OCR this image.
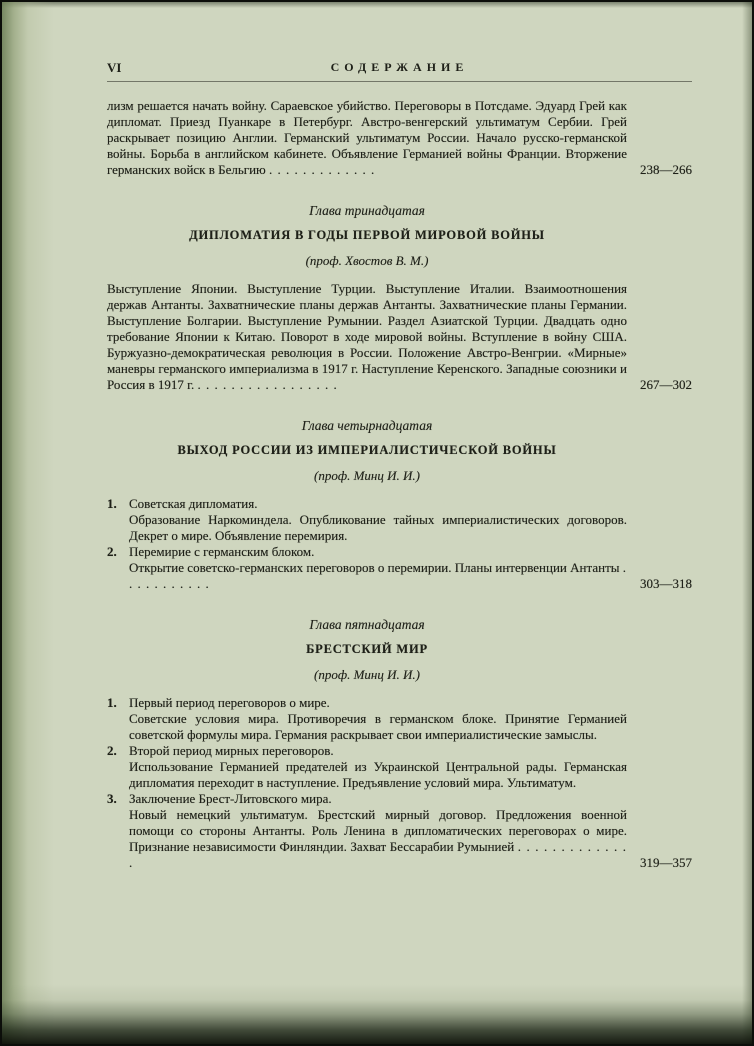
VI	СОДЕРЖАНИЕ

лизм решается начать войну. Сараевское убийство. Переговоры в Потсдаме. Эдуард Грей как дипломат. Приезд Пуанкаре в Петербург. Австро-венгерский ультиматум Сербии. Грей раскрывает позицию Англии. Германский ультиматум России. Начало русско-германской войны. Борьба в английском кабинете. Объявление Германией войны Франции. Вторжение германских войск в Бельгию . . . . . . . . . . . . .	238—266
Глава тринадцатая
ДИПЛОМАТИЯ В ГОДЫ ПЕРВОЙ МИРОВОЙ ВОЙНЫ
(проф. Хвостов В. М.)

Выступление Японии. Выступление Турции. Выступление Италии. Взаимоотношения держав Антанты. Захватнические планы держав Антанты. Захватнические планы Германии. Выступление Болгарии. Выступление Румынии. Раздел Азиатской Турции. Двадцать одно требование Японии к Китаю. Поворот в ходе мировой войны. Вступление в войну США. Буржуазно-демократическая революция в России. Положение Австро-Венгрии. «Мирные» маневры германского империализма в 1917 г. Наступление Керенского. Западные союзники и Россия в 1917 г. . . . . . . . . . . . . . . . . .	267—302
Глава четырнадцатая
ВЫХОД РОССИИ ИЗ ИМПЕРИАЛИСТИЧЕСКОЙ ВОЙНЫ
(проф. Минц И. И.)
1. Советская дипломатия.

Образование Наркоминдела. Опубликование тайных империалистических договоров. Декрет о мире. Объявление перемирия.

2. Перемирие с германским блоком.

Открытие советско-германских переговоров о перемирии. Планы интервенции Антанты . . . . . . . . . . .	303—318
Глава пятнадцатая
БРЕСТСКИЙ МИР
(проф. Минц И. И.)
1. Первый период переговоров о мире.

Советские условия мира. Противоречия в германском блоке. Принятие Германией советской формулы мира. Германия раскрывает свои империалистические замыслы.

2. Второй период мирных переговоров.

Использование Германией предателей из Украинской Центральной рады. Германская дипломатия переходит в наступление. Предъявление условий мира. Ультиматум.

3. Заключение Брест-Литовского мира.

Новый немецкий ультиматум. Брестский мирный договор. Предложения военной помощи со стороны Антанты. Роль Ленина в дипломатических переговорах о мире. Признание независимости Финляндии. Захват Бессарабии Румынией . . . . . . . . . . . . . .	319—357
